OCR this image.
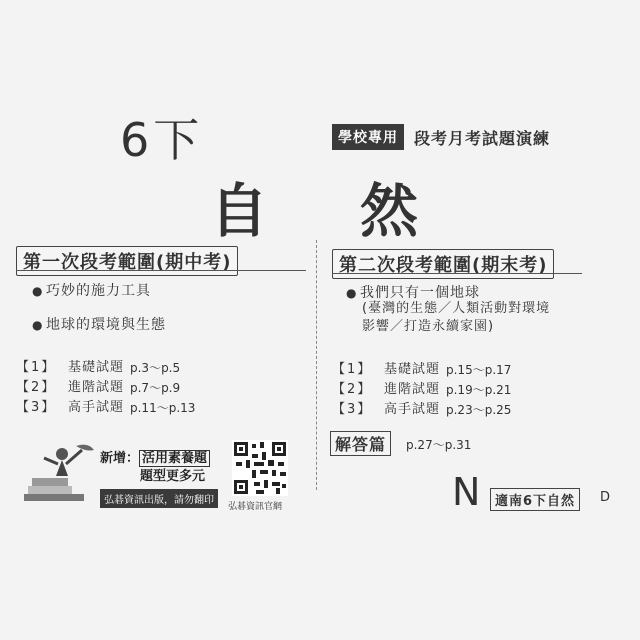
6下	學校專用	段考月考試題演練
自 然
第一次段考範圍(期中考)
● 巧妙的施力工具
● 地球的環境與生態
【1】 基礎試題 p.3～p.5
【2】 進階試題 p.7～p.9
【3】 高手試題 p.11～p.13
新增： 活用素養題
題型更多元
弘碁資訊出版，請勿翻印
弘碁資訊官網
第二次段考範圍(期末考)
● 我們只有一個地球
(臺灣的生態／人類活動對環境
影響／打造永續家園)
【1】 基礎試題 p.15～p.17
【2】 進階試題 p.19～p.21
【3】 高手試題 p.23～p.25
解答篇	p.27～p.31
N	適南6下自然	D
